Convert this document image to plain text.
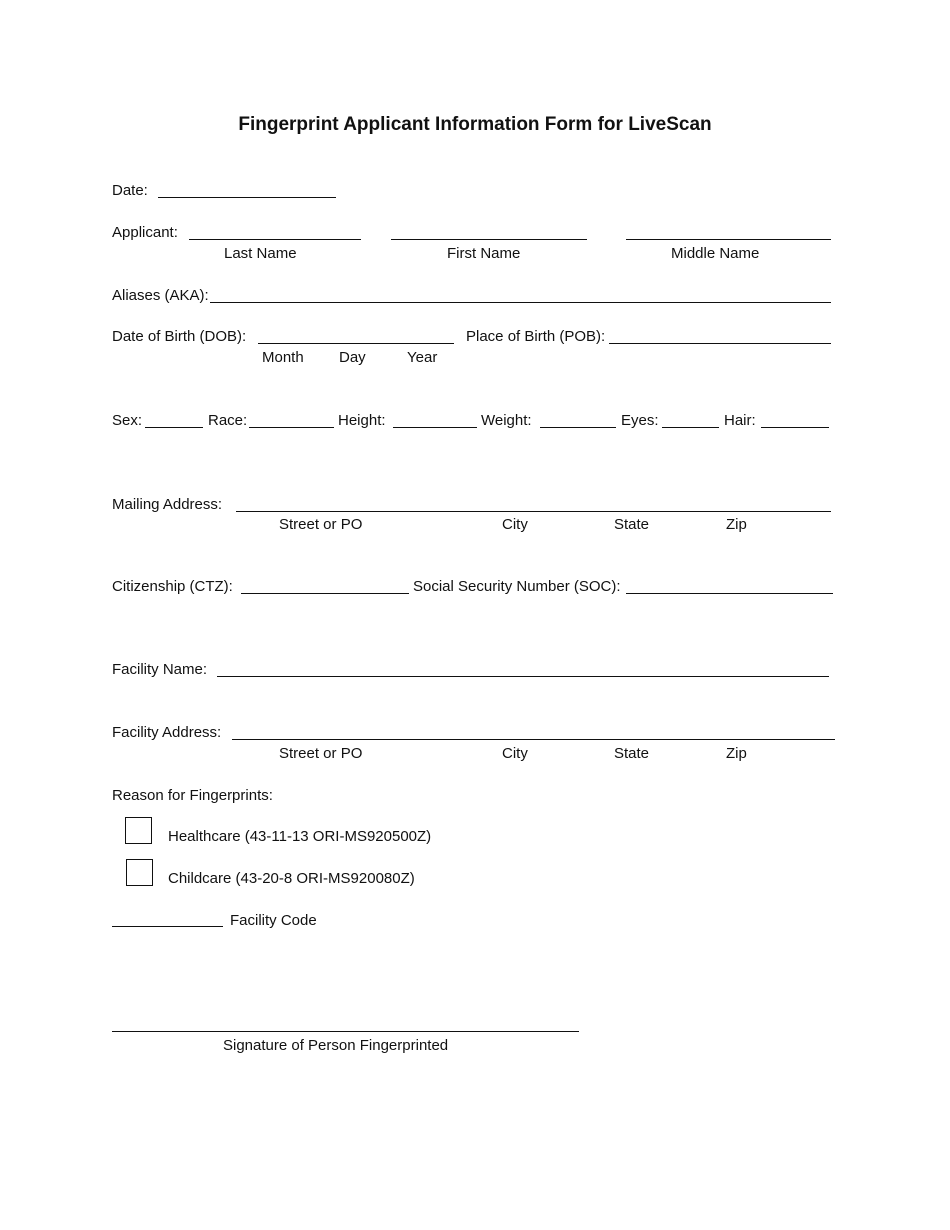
Fingerprint Applicant Information Form for LiveScan
Date:
Applicant:
Last Name	First Name	Middle Name
Aliases (AKA):
Date of Birth (DOB):	Place of Birth (POB):
Month Day	Year
Sex:	Race:	Height:	Weight:	Eyes:	Hair:
Mailing Address:
Street or PO	City	State	Zip
Citizenship (CTZ):	Social Security Number (SOC):
Facility Name:
Facility Address:
Street or PO	City	State	Zip
Reason for Fingerprints:
Healthcare (43-11-13 ORI-MS920500Z)
Childcare (43-20-8 ORI-MS920080Z)
Facility Code
Signature of Person Fingerprinted
